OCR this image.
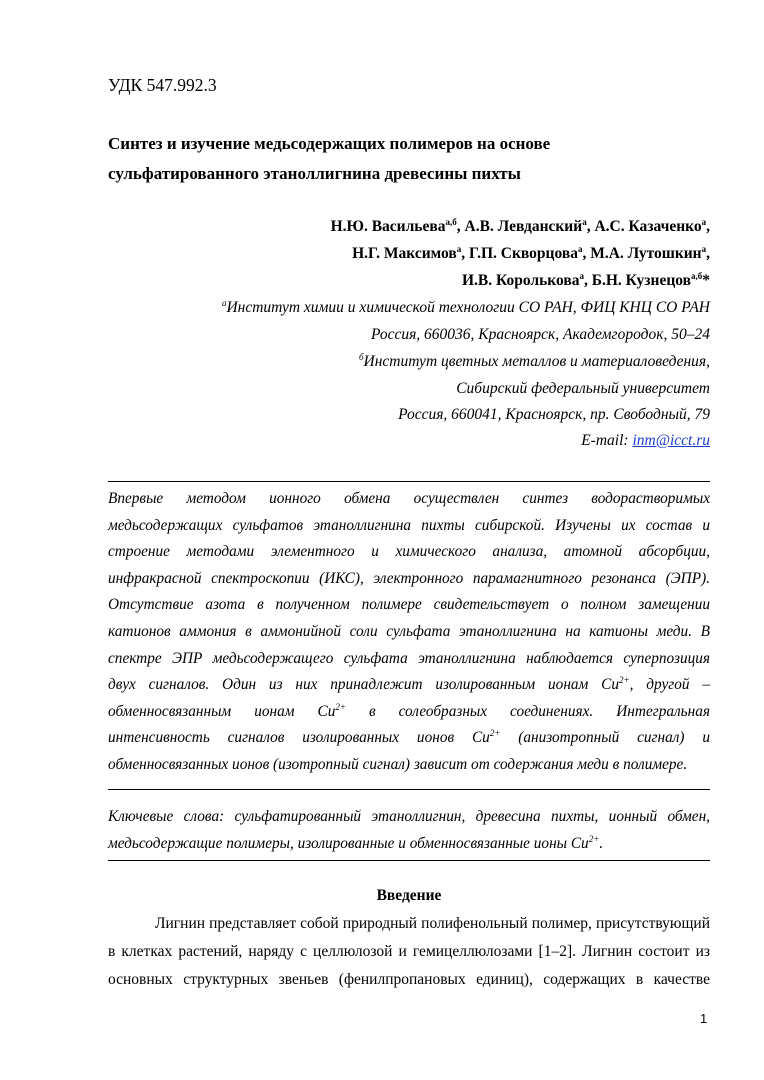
УДК 547.992.3
Синтез и изучение медьсодержащих полимеров на основе
сульфатированного этаноллигнина древесины пихты
Н.Ю. Васильева$^{а,б}$, А.В. Левданский$^а$, А.С. Казаченко$^а$,
Н.Г. Максимов$^а$, Г.П. Скворцова$^а$, М.А. Лутошкин$^а$,
И.В. Королькова$^а$, Б.Н. Кузнецов$^{а,б}$*
$^а$Институт химии и химической технологии СО РАН, ФИЦ КНЦ СО РАН
Россия, 660036, Красноярск, Академгородок, 50–24
$^б$Институт цветных металлов и материаловедения,
Сибирский федеральный университет
Россия, 660041, Красноярск, пр. Свободный, 79
E-mail: inm@icct.ru
Впервые методом ионного обмена осуществлен синтез водорастворимых
медьсодержащих сульфатов этаноллигнина пихты сибирской. Изучены их состав и
строение методами элементного и химического анализа, атомной абсорбции,
инфракрасной спектроскопии (ИКС), электронного парамагнитного резонанса (ЭПР).
Отсутствие азота в полученном полимере свидетельствует о полном замещении
катионов аммония в аммонийной соли сульфата этаноллигнина на катионы меди. В
спектре ЭПР медьсодержащего сульфата этаноллигнина наблюдается суперпозиция
двух сигналов. Один из них принадлежит изолированным ионам $Cu^{2+}$, другой –
обменносвязанным ионам $Cu^{2+}$ в солеобразных соединениях. Интегральная
интенсивность сигналов изолированных ионов $Cu^{2+}$ (анизотропный сигнал) и
обменносвязанных ионов (изотропный сигнал) зависит от содержания меди в полимере.
Ключевые слова: сульфатированный этаноллигнин, древесина пихты, ионный обмен,
медьсодержащие полимеры, изолированные и обменносвязанные ионы $Cu^{2+}$.
Введение
Лигнин представляет собой природный полифенольный полимер, присутствующий
в клетках растений, наряду с целлюлозой и гемицеллюлозами [1–2]. Лигнин состоит из
основных структурных звеньев (фенилпропановых единиц), содержащих в качестве
1
